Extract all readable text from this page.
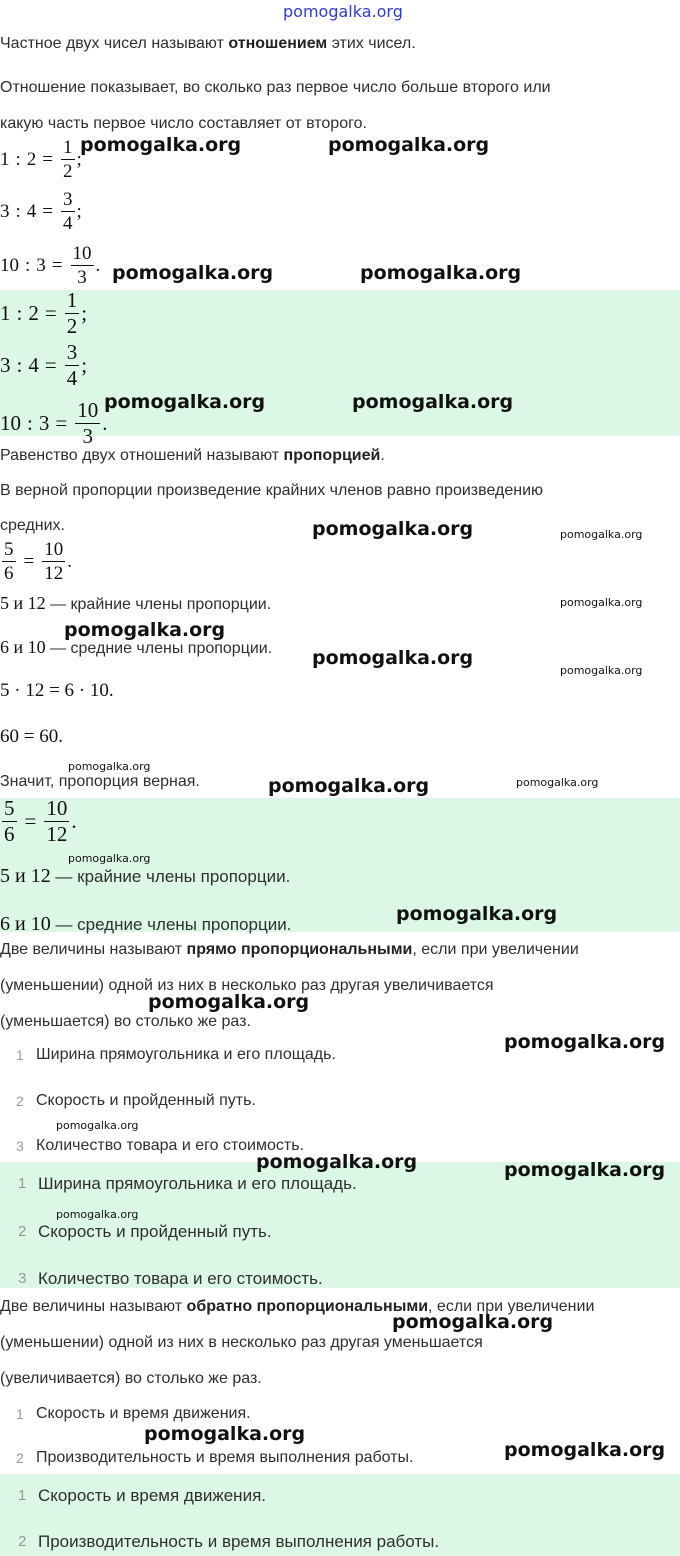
pomogalka.org
Частное двух чисел называют отношением этих чисел.
Отношение показывает, во сколько раз первое число больше второго или
какую часть первое число составляет от второго.
1 : $2 = \frac{1}{2}$ ;
3 : $4 = \frac{3}{4}$ ;
10 : $3 = \frac{10}{3}$ .
1 : $2 = \frac{1}{2}$ ;
3 : $4 = \frac{3}{4}$ ;
10 : $3 = \frac{10}{3}$ .
Равенство двух отношений называют пропорцией.
В верной пропорции произведение крайних членов равно произведению
средних.
$\frac{5}{6} = \frac{10}{12}$ .
5 и 12 — крайние члены пропорции.
6 и 10 — средние члены пропорции.
5 · 12 = 6 · 10.
60 = 60.
Значит, пропорция верная.
$\frac{5}{6} = \frac{10}{12}$ .
5 и 12 — крайние члены пропорции.
6 и 10 — средние члены пропорции.
Две величины называют прямо пропорциональными, если при увеличении
(уменьшении) одной из них в несколько раз другая увеличивается
(уменьшается) во столько же раз.
1 Ширина прямоугольника и его площадь.
2 Скорость и пройденный путь.
3 Количество товара и его стоимость.
1 Ширина прямоугольника и его площадь.
2 Скорость и пройденный путь.
3 Количество товара и его стоимость.
Две величины называют обратно пропорциональными, если при увеличении
(уменьшении) одной из них в несколько раз другая уменьшается
(увеличивается) во столько же раз.
1 Скорость и время движения.
2 Производительность и время выполнения работы.
1 Скорость и время движения.
2 Производительность и время выполнения работы.
pomogalka.org	pomogalka.org
pomogalka.org	pomogalka.org
pomogalka.org	pomogalka.org
pomogalka.org	pomogalka.org
pomogalka.org
pomogalka.org
pomogalka.org
pomogalka.org
pomogalka.org
pomogalka.org	pomogalka.org
pomogalka.org
pomogalka.org
pomogalka.org
pomogalka.org
pomogalka.org
pomogalka.org	pomogalka.org
pomogalka.org
pomogalka.org
pomogalka.org
pomogalka.org
